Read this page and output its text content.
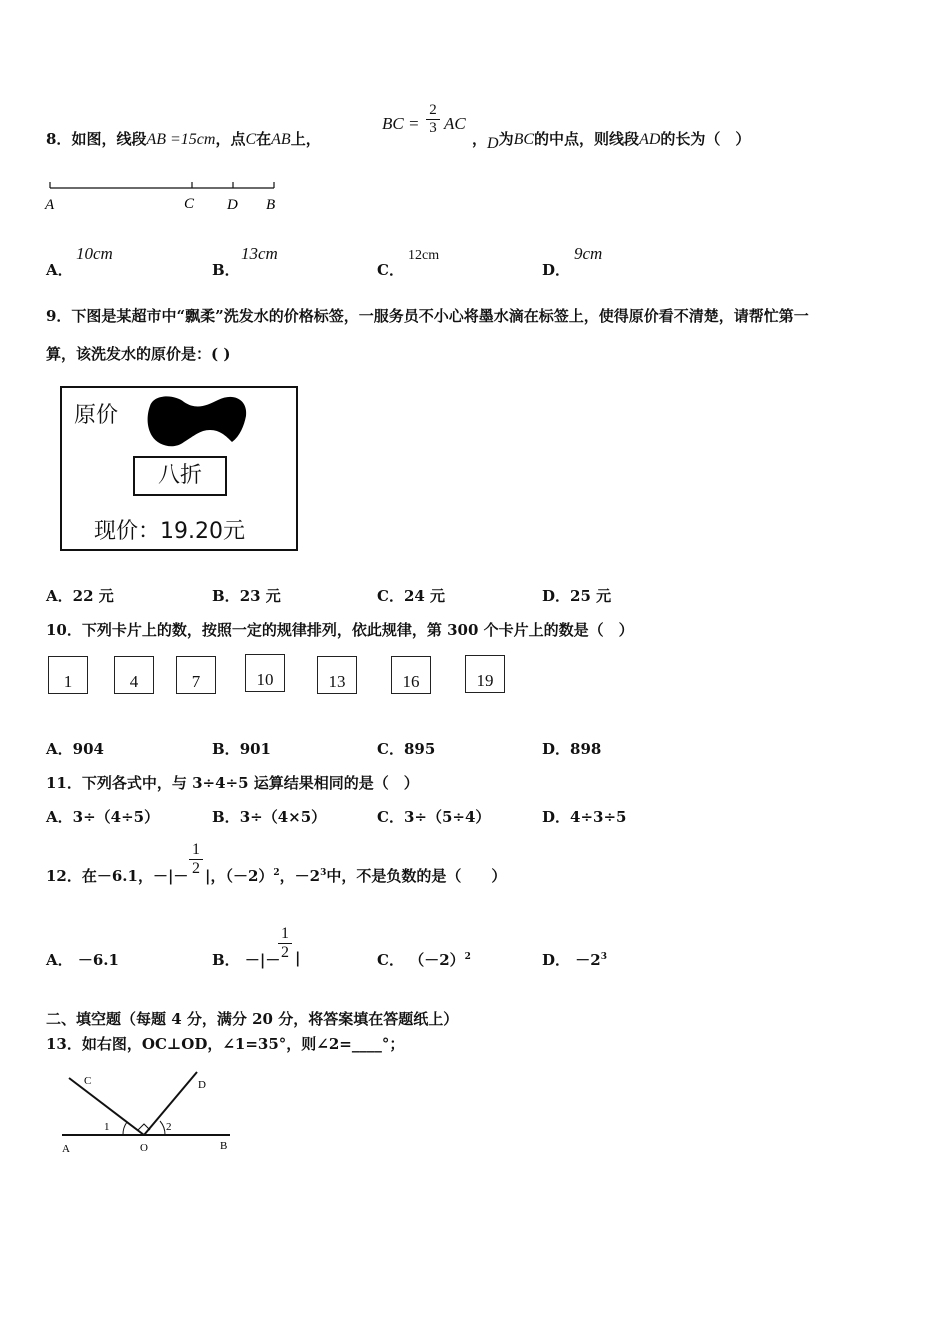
8．如图，线段AB =15cm，点C在AB上，
BC = $\frac{2}{3}$ AC
，D为BC的中点，则线段AD的长为（　）
A	C D B
A．
10cm
B．
13cm
C．
12cm
D．
9cm
9．下图是某超市中“飘柔”洗发水的价格标签，一服务员不小心将墨水滴在标签上，使得原价看不清楚，请帮忙第一
算，该洗发水的原价是：( )
原价
八折
现价：19.20元
A．22 元	B．23 元	C．24 元	D．25 元
10．下列卡片上的数，按照一定的规律排列，依此规律，第 300 个卡片上的数是（　）
1	4	7	10	13	16	19
A．904	B．901	C．895	D．898
11．下列各式中，与 3÷4÷5 运算结果相同的是（　）
A．3÷（4÷5）	B．3÷（4×5）	C．3÷（5÷4）	D．4÷3÷5
12．在－6.1，－|－ $\frac{1}{2}$ |，$(-2)^2$，$-2^3$中，不是负数的是（　　）
A． －6.1	B． －|－
$\frac{1}{2}$ |	C． $(-2)^2$	D． $-2^3$
二、填空题（每题 4 分，满分 20 分，将答案填在答题纸上）
13．如右图，OC⊥OD，∠1=35°，则∠2=____°；
A	O	B
C	D
1	2
